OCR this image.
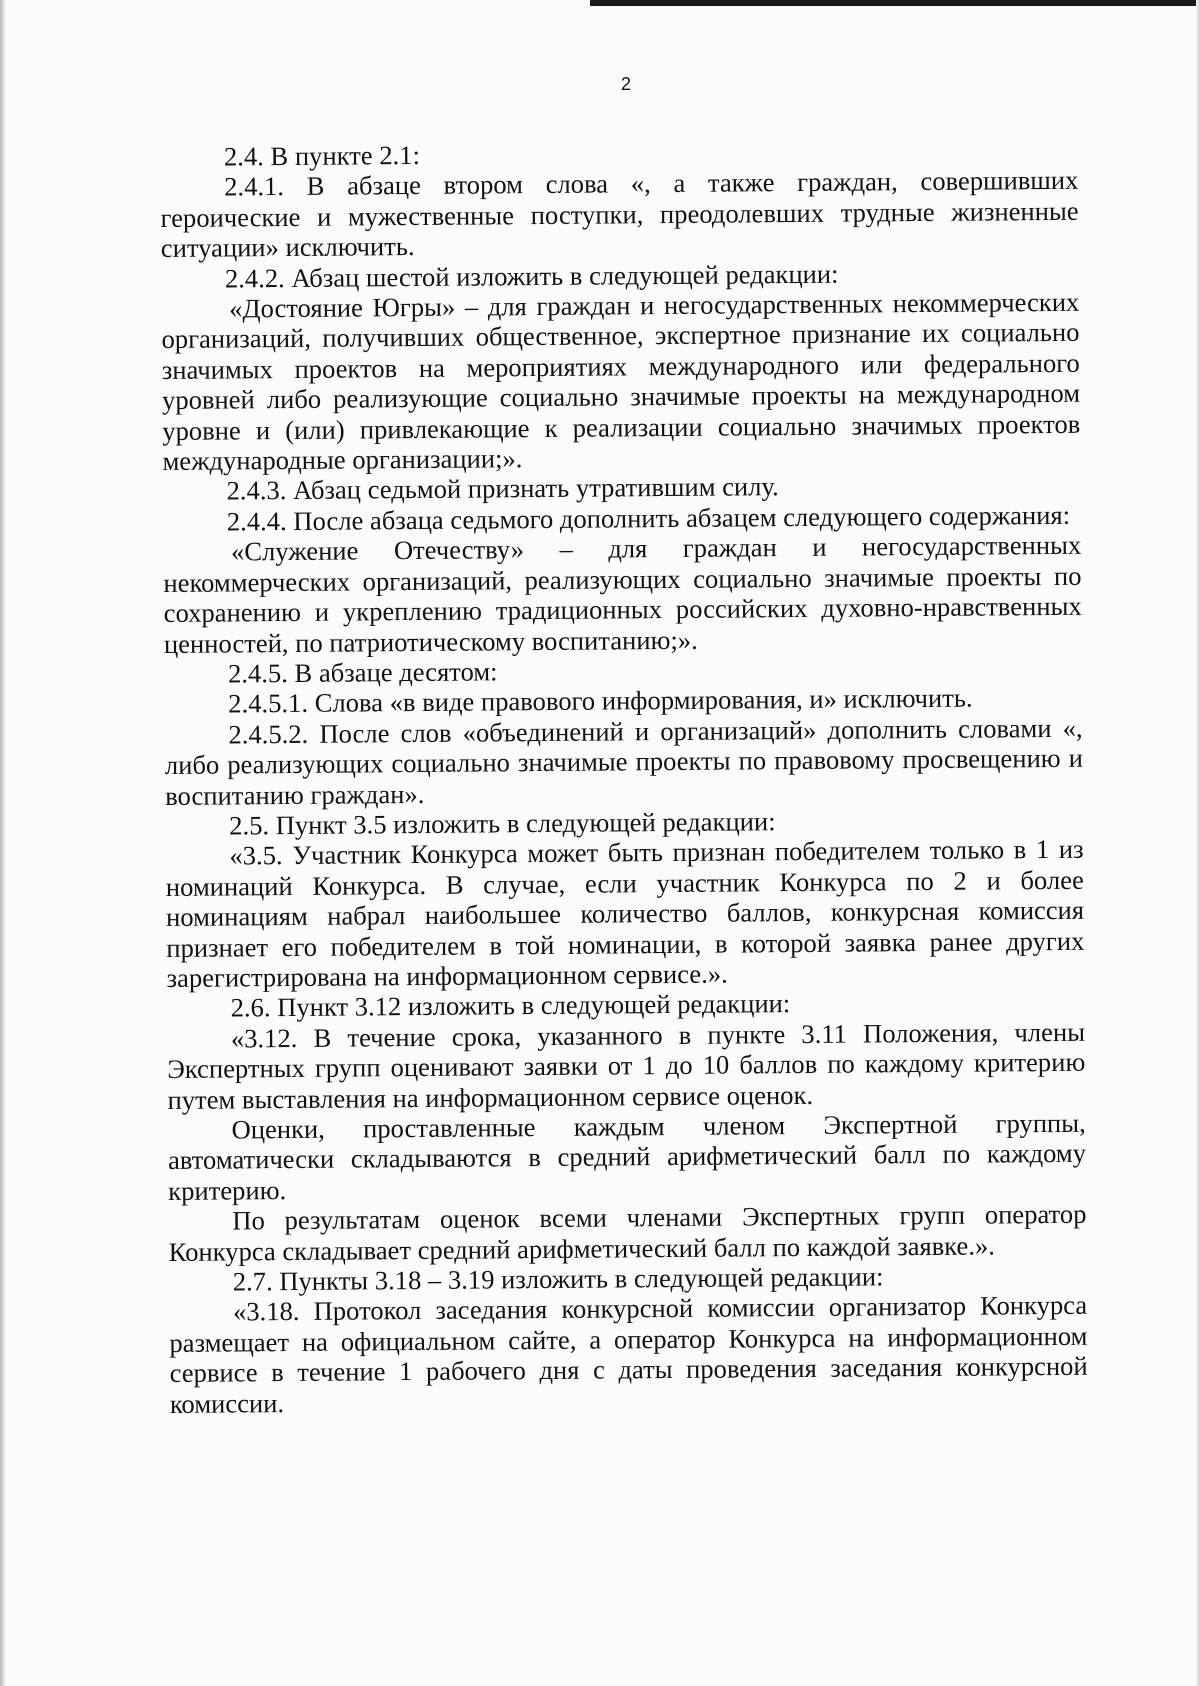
2

2.4. В пункте 2.1:

2.4.1. В абзаце втором слова «, а также граждан, совершивших героические и мужественные поступки, преодолевших трудные жизненные ситуации» исключить.

2.4.2. Абзац шестой изложить в следующей редакции:

«Достояние Югры» – для граждан и негосударственных некоммерческих организаций, получивших общественное, экспертное признание их социально значимых проектов на мероприятиях международного или федерального уровней либо реализующие социально значимые проекты на международном уровне и (или) привлекающие к реализации социально значимых проектов международные организации;».

2.4.3. Абзац седьмой признать утратившим силу.

2.4.4. После абзаца седьмого дополнить абзацем следующего содержания:

«Служение Отечеству» – для граждан и негосударственных некоммерческих организаций, реализующих социально значимые проекты по сохранению и укреплению традиционных российских духовно-нравственных ценностей, по патриотическому воспитанию;».

2.4.5. В абзаце десятом:

2.4.5.1. Слова «в виде правового информирования, и» исключить.

2.4.5.2. После слов «объединений и организаций» дополнить словами «, либо реализующих социально значимые проекты по правовому просвещению и воспитанию граждан».

2.5. Пункт 3.5 изложить в следующей редакции:

«3.5. Участник Конкурса может быть признан победителем только в 1 из номинаций Конкурса. В случае, если участник Конкурса по 2 и более номинациям набрал наибольшее количество баллов, конкурсная комиссия признает его победителем в той номинации, в которой заявка ранее других зарегистрирована на информационном сервисе.».

2.6. Пункт 3.12 изложить в следующей редакции:

«3.12. В течение срока, указанного в пункте 3.11 Положения, члены Экспертных групп оценивают заявки от 1 до 10 баллов по каждому критерию путем выставления на информационном сервисе оценок.

Оценки, проставленные каждым членом Экспертной группы, автоматически складываются в средний арифметический балл по каждому критерию.

По результатам оценок всеми членами Экспертных групп оператор Конкурса складывает средний арифметический балл по каждой заявке.».

2.7. Пункты 3.18 – 3.19 изложить в следующей редакции:

«3.18. Протокол заседания конкурсной комиссии организатор Конкурса размещает на официальном сайте, а оператор Конкурса на информационном сервисе в течение 1 рабочего дня с даты проведения заседания конкурсной комиссии.
